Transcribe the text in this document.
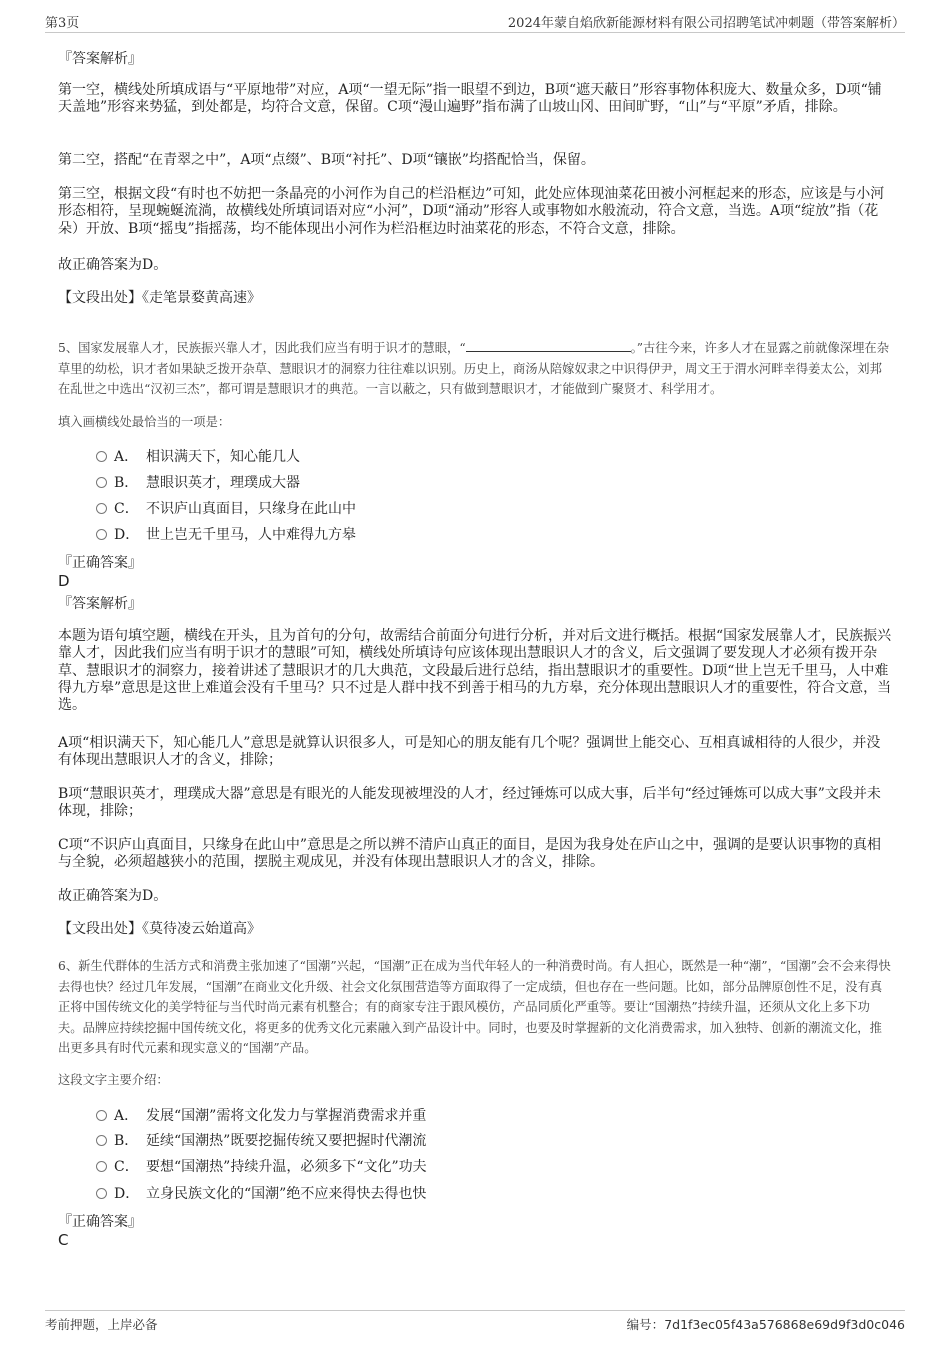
第3页	2024年蒙自焰欣新能源材料有限公司招聘笔试冲刺题（带答案解析）
『答案解析』

第一空，横线处所填成语与“平原地带”对应，A项“一望无际”指一眼望不到边，B项“遮天蔽日”形容事物体积庞大、数量众多，D项“铺天盖地”形容来势猛，到处都是，均符合文意，保留。C项“漫山遍野”指布满了山坡山冈、田间旷野，“山”与“平原”矛盾，排除。

第二空，搭配“在青翠之中”，A项“点缀”、B项“衬托”、D项“镶嵌”均搭配恰当，保留。

第三空，根据文段“有时也不妨把一条晶亮的小河作为自己的栏沿框边”可知，此处应体现油菜花田被小河框起来的形态，应该是与小河形态相符，呈现蜿蜒流淌，故横线处所填词语对应“小河”，D项“涌动”形容人或事物如水般流动，符合文意，当选。A项“绽放”指（花朵）开放、B项“摇曳”指摇荡，均不能体现出小河作为栏沿框边时油菜花的形态，不符合文意，排除。

故正确答案为D。

【文段出处】《走笔景婺黄高速》

5、国家发展靠人才，民族振兴靠人才，因此我们应当有明于识才的慧眼，“	。”古往今来，许多人才在显露之前就像深埋在杂草里的幼松，识才者如果缺乏拨开杂草、慧眼识才的洞察力往往难以识别。历史上，商汤从陪嫁奴隶之中识得伊尹，周文王于渭水河畔幸得姜太公，刘邦在乱世之中选出“汉初三杰”，都可谓是慧眼识才的典范。一言以蔽之，只有做到慧眼识才，才能做到广聚贤才、科学用才。

填入画横线处最恰当的一项是：

A． 相识满天下，知心能几人
B． 慧眼识英才，理璞成大器
C． 不识庐山真面目，只缘身在此山中
D． 世上岂无千里马，人中难得九方皋
『正确答案』
D
『答案解析』

本题为语句填空题，横线在开头，且为首句的分句，故需结合前面分句进行分析，并对后文进行概括。根据“国家发展靠人才，民族振兴靠人才，因此我们应当有明于识才的慧眼”可知，横线处所填诗句应该体现出慧眼识人才的含义，后文强调了要发现人才必须有拨开杂草、慧眼识才的洞察力，接着讲述了慧眼识才的几大典范，文段最后进行总结，指出慧眼识才的重要性。D项“世上岂无千里马，人中难得九方皋”意思是这世上难道会没有千里马？只不过是人群中找不到善于相马的九方皋，充分体现出慧眼识人才的重要性，符合文意，当选。

A项“相识满天下，知心能几人”意思是就算认识很多人，可是知心的朋友能有几个呢？强调世上能交心、互相真诚相待的人很少，并没有体现出慧眼识人才的含义，排除；

B项“慧眼识英才，理璞成大器”意思是有眼光的人能发现被埋没的人才，经过锤炼可以成大事，后半句“经过锤炼可以成大事”文段并未体现，排除；

C项“不识庐山真面目，只缘身在此山中”意思是之所以辨不清庐山真正的面目，是因为我身处在庐山之中，强调的是要认识事物的真相与全貌，必须超越狭小的范围，摆脱主观成见，并没有体现出慧眼识人才的含义，排除。

故正确答案为D。

【文段出处】《莫待凌云始道高》

6、新生代群体的生活方式和消费主张加速了“国潮”兴起，“国潮”正在成为当代年轻人的一种消费时尚。有人担心，既然是一种“潮”，“国潮”会不会来得快去得也快？经过几年发展，“国潮”在商业文化升级、社会文化氛围营造等方面取得了一定成绩，但也存在一些问题。比如，部分品牌原创性不足，没有真正将中国传统文化的美学特征与当代时尚元素有机整合；有的商家专注于跟风模仿，产品同质化严重等。要让“国潮热”持续升温，还须从文化上多下功夫。品牌应持续挖掘中国传统文化，将更多的优秀文化元素融入到产品设计中。同时，也要及时掌握新的文化消费需求，加入独特、创新的潮流文化，推出更多具有时代元素和现实意义的“国潮”产品。

这段文字主要介绍：

A． 发展“国潮”需将文化发力与掌握消费需求并重
B． 延续“国潮热”既要挖掘传统又要把握时代潮流
C． 要想“国潮热”持续升温，必须多下“文化”功夫
D． 立身民族文化的“国潮”绝不应来得快去得也快
『正确答案』
C
考前押题，上岸必备	编号：7d1f3ec05f43a576868e69d9f3d0c046
